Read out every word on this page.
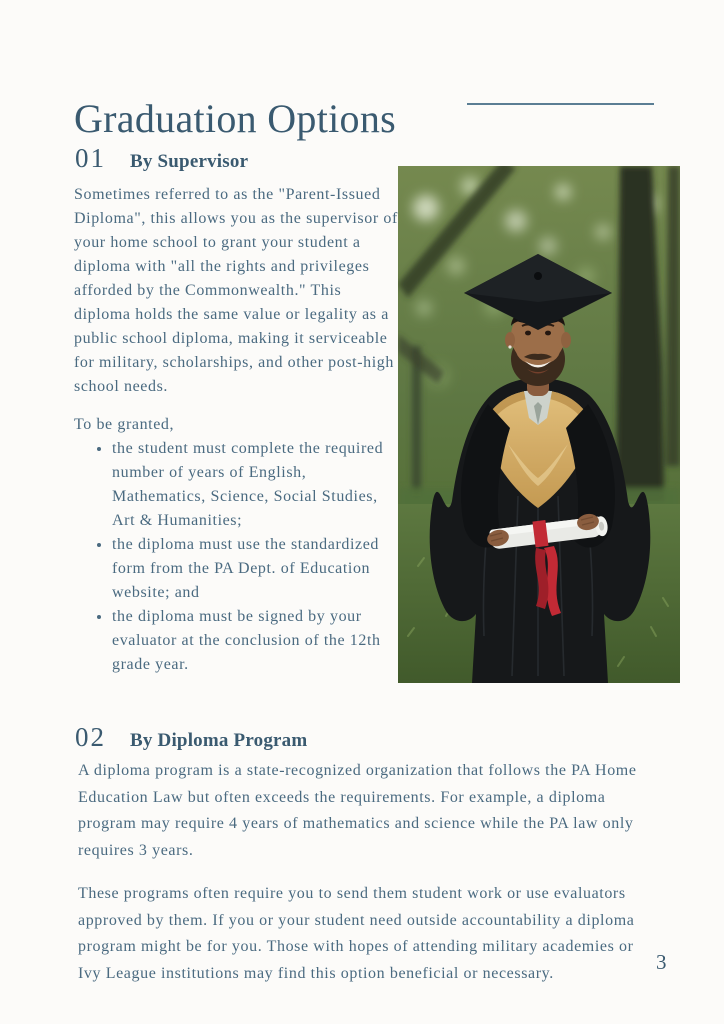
Graduation Options
01 By Supervisor

Sometimes referred to as the "Parent-Issued Diploma", this allows you as the supervisor of your home school to grant your student a diploma with "all the rights and privileges afforded by the Commonwealth." This diploma holds the same value or legality as a public school diploma, making it serviceable for military, scholarships, and other post-high school needs.

To be granted,

• the student must complete the required number of years of English, Mathematics, Science, Social Studies, Art & Humanities;
• the diploma must use the standardized form from the PA Dept. of Education website; and
• the diploma must be signed by your evaluator at the conclusion of the 12th grade year.
02 By Diploma Program

A diploma program is a state-recognized organization that follows the PA Home Education Law but often exceeds the requirements. For example, a diploma program may require 4 years of mathematics and science while the PA law only requires 3 years.

These programs often require you to send them student work or use evaluators approved by them. If you or your student need outside accountability a diploma program might be for you. Those with hopes of attending military academies or Ivy League institutions may find this option beneficial or necessary.	3
